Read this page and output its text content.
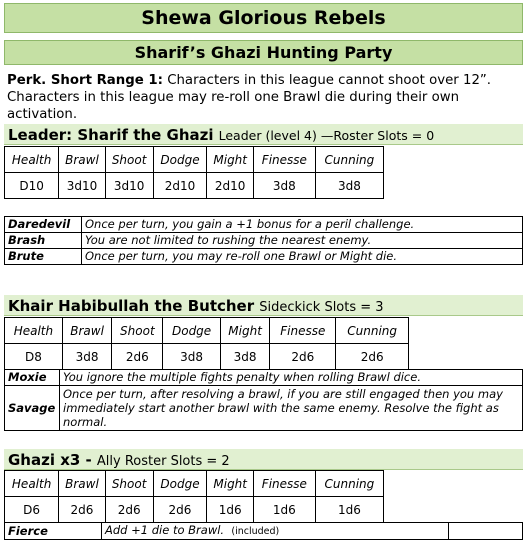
Shewa Glorious Rebels
Sharif’s Ghazi Hunting Party
Perk. Short Range 1: Characters in this league cannot shoot over 12”. Characters in this league may re-roll one Brawl die during their own activation.
Leader: Sharif the Ghazi Leader (level 4) —Roster Slots = 0
Health	Brawl	Shoot	Dodge	Might	Finesse	Cunning
D10	3d10	3d10	2d10	2d10	3d8	3d8
Daredevil	Once per turn, you gain a +1 bonus for a peril challenge.
Brash	You are not limited to rushing the nearest enemy.
Brute	Once per turn, you may re-roll one Brawl or Might die.
Khair Habibullah the Butcher Sideckick Slots = 3
Health	Brawl	Shoot	Dodge	Might	Finesse	Cunning
D8	3d8	2d6	3d8	3d8	2d6	2d6
Moxie	You ignore the multiple fights penalty when rolling Brawl dice.
Savage	Once per turn, after resolving a brawl, if you are still engaged then you may immediately start another brawl with the same enemy. Resolve the fight as normal.
Ghazi x3 - Ally Roster Slots = 2
Health	Brawl	Shoot	Dodge	Might	Finesse	Cunning
D6	2d6	2d6	2d6	1d6	1d6	1d6
Fierce	Add +1 die to Brawl. (included)	
